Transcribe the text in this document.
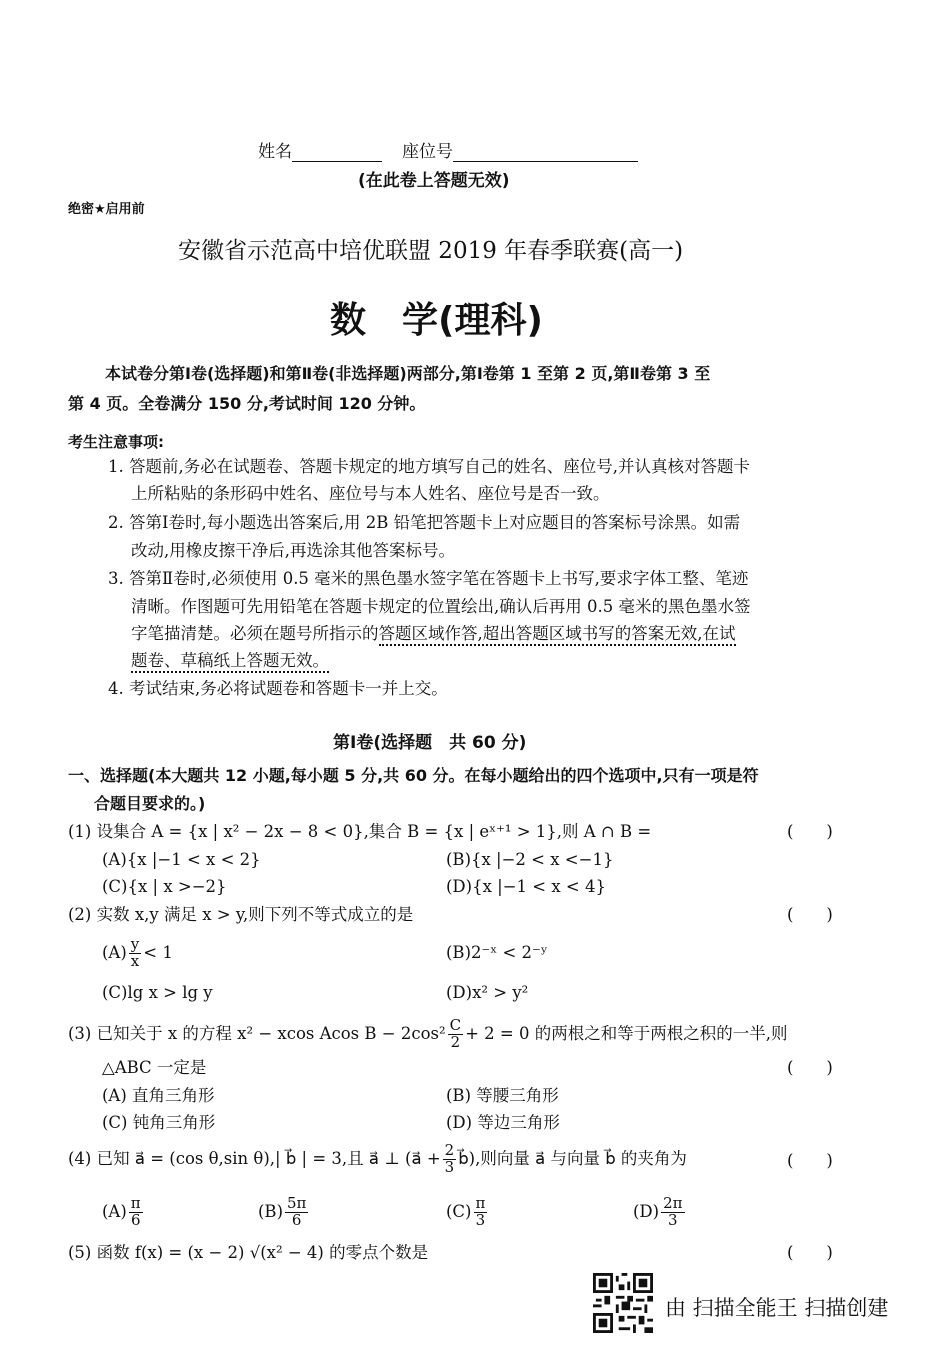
姓名	座位号
(在此卷上答题无效)
绝密★启用前
安徽省示范高中培优联盟 2019 年春季联赛(高一)
数　学(理科)
本试卷分第Ⅰ卷(选择题)和第Ⅱ卷(非选择题)两部分,第Ⅰ卷第 1 至第 2 页,第Ⅱ卷第 3 至
第 4 页。全卷满分 150 分,考试时间 120 分钟。
考生注意事项:
1. 答题前,务必在试题卷、答题卡规定的地方填写自己的姓名、座位号,并认真核对答题卡
上所粘贴的条形码中姓名、座位号与本人姓名、座位号是否一致。
2. 答第Ⅰ卷时,每小题选出答案后,用 2B 铅笔把答题卡上对应题目的答案标号涂黑。如需
改动,用橡皮擦干净后,再选涂其他答案标号。
3. 答第Ⅱ卷时,必须使用 0.5 毫米的黑色墨水签字笔在答题卡上书写,要求字体工整、笔迹
清晰。作图题可先用铅笔在答题卡规定的位置绘出,确认后再用 0.5 毫米的黑色墨水签
字笔描清楚。必须在题号所指示的答题区域作答,超出答题区域书写的答案无效,在试
题卷、草稿纸上答题无效。
4. 考试结束,务必将试题卷和答题卡一并上交。
第Ⅰ卷(选择题　共 60 分)
一、选择题(本大题共 12 小题,每小题 5 分,共 60 分。在每小题给出的四个选项中,只有一项是符
合题目要求的。)
(1) 设集合 A = {x | x² − 2x − 8 < 0},集合 B = {x | eˣ⁺¹ > 1},则 A ∩ B =	(　　)
(A){x |−1 < x < 2}	(B){x |−2 < x <−1}
(C){x | x >−2}	(D){x |−1 < x < 4}
(2) 实数 x,y 满足 x > y,则下列不等式成立的是	(　　)
$(A) \frac{y}{x} < 1$	(B)2⁻ˣ < 2⁻ʸ
(C)lg x > lg y	(D)x² > y²
(3) 已知关于 x 的方程 x² − xcos Acos $B - 2\cos^2 \frac{C}{2} + 2 = 0$ 的两根之和等于两根之积的一半,则
△ABC 一定是	(　　)
(A) 直角三角形	(B) 等腰三角形
(C) 钝角三角形	(D) 等边三角形
(4) 已知 a⃗ = (cos θ,sin θ),| b⃗ | = 3,且 a⃗ ⊥ (a⃗ + $\frac{2}{3}$ b⃗),则向量 a⃗ 与向量 b⃗ 的夹角为	(　　)
$(A) \frac{\pi}{6}$	$(B) \frac{5\pi}{6}$	$(C) \frac{\pi}{3}$	$(D) \frac{2\pi}{3}$
(5) 函数 f(x) = (x − 2) √(x² − 4) 的零点个数是	(　　)
由 扫描全能王 扫描创建
